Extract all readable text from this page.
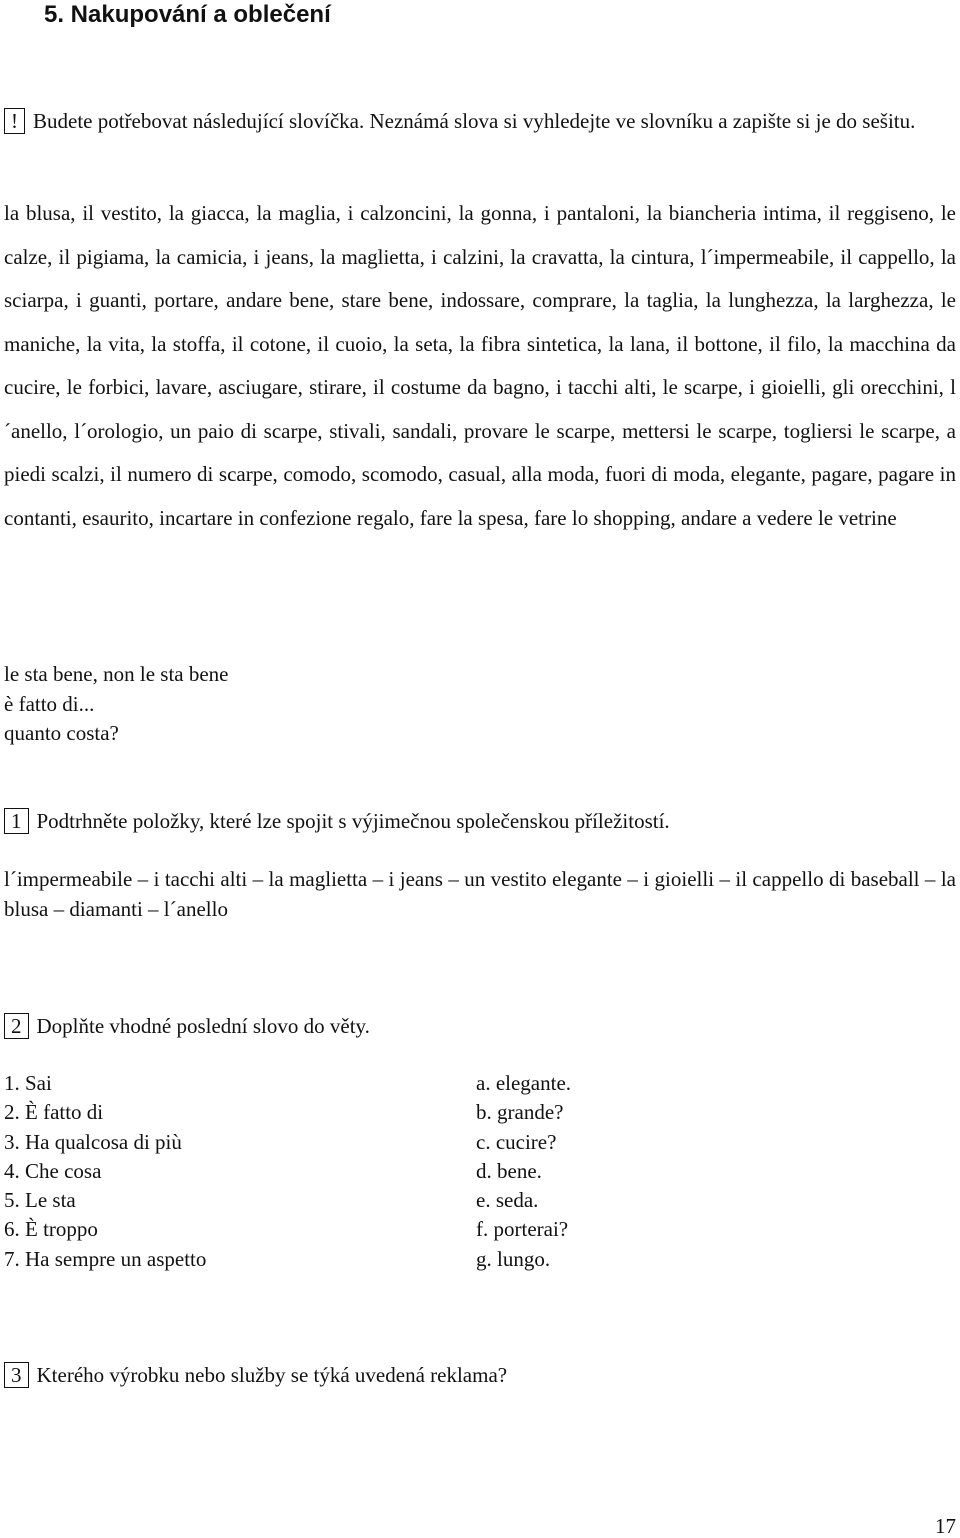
5. Nakupování a oblečení
! Budete potřebovat následující slovíčka. Neznámá slova si vyhledejte ve slovníku a zapište si je do sešitu.
la blusa, il vestito, la giacca, la maglia, i calzoncini, la gonna, i pantaloni, la biancheria intima, il reggiseno, le calze, il pigiama, la camicia, i jeans, la maglietta, i calzini, la cravatta, la cintura, l´impermeabile, il cappello, la sciarpa, i guanti, portare, andare bene, stare bene, indossare, comprare, la taglia, la lunghezza, la larghezza, le maniche, la vita, la stoffa, il cotone, il cuoio, la seta, la fibra sintetica, la lana, il bottone, il filo, la macchina da cucire, le forbici, lavare, asciugare, stirare, il costume da bagno, i tacchi alti, le scarpe, i gioielli, gli orecchini, l´anello, l´orologio, un paio di scarpe, stivali, sandali, provare le scarpe, mettersi le scarpe, togliersi le scarpe, a piedi scalzi, il numero di scarpe, comodo, scomodo, casual, alla moda, fuori di moda, elegante, pagare, pagare in contanti, esaurito, incartare in confezione regalo, fare la spesa, fare lo shopping, andare a vedere le vetrine
le sta bene, non le sta bene
è fatto di...
quanto costa?
1 Podtrhněte položky, které lze spojit s výjimečnou společenskou příležitostí.
l´impermeabile – i tacchi alti – la maglietta – i jeans – un vestito elegante – i gioielli – il cappello di baseball – la blusa – diamanti – l´anello
2 Doplňte vhodné poslední slovo do věty.
1. Sai
2. È fatto di
3. Ha qualcosa di più
4. Che cosa
5. Le sta
6. È troppo
7. Ha sempre un aspetto
a. elegante.
b. grande?
c. cucire?
d. bene.
e. seda.
f. porterai?
g. lungo.
3 Kterého výrobku nebo služby se týká uvedená reklama?
17
